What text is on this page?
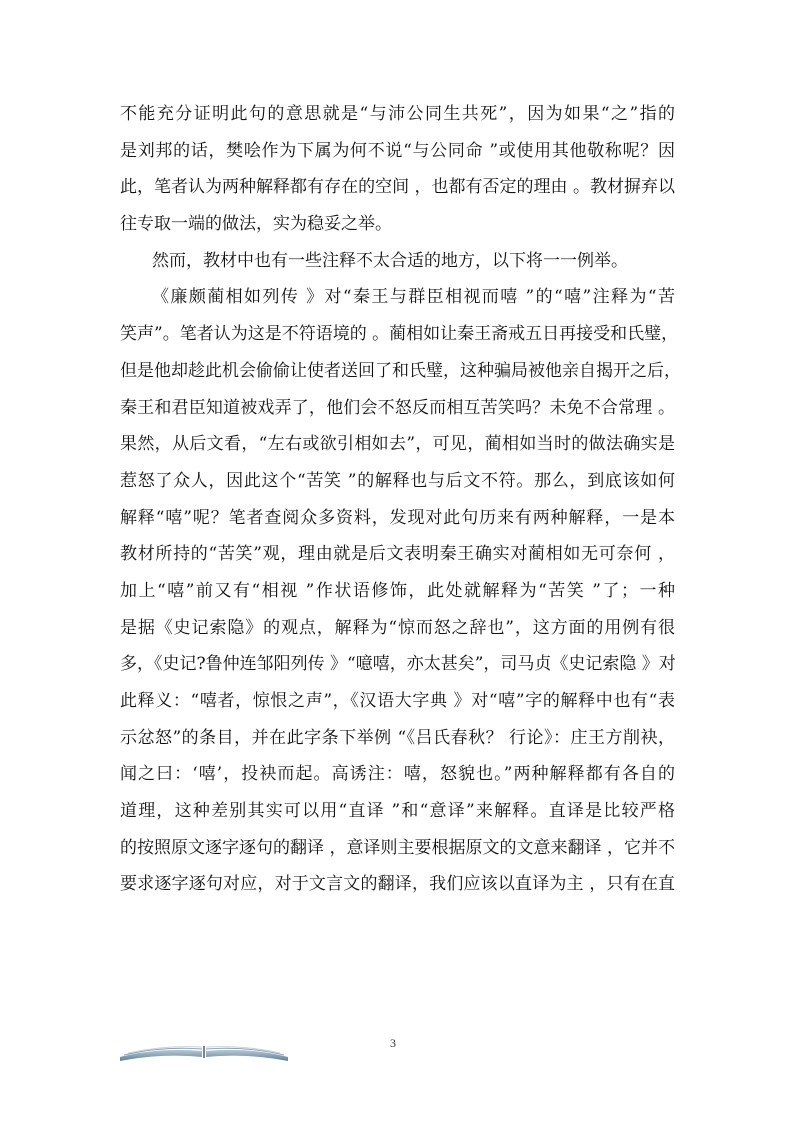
不能充分证明此句的意思就是“与沛公同生共死”，因为如果“之”指的
是刘邦的话，樊哙作为下属为何不说“与公同命 ”或使用其他敬称呢？因
此，笔者认为两种解释都有存在的空间 ，也都有否定的理由 。教材摒弃以
往专取一端的做法，实为稳妥之举。
然而，教材中也有一些注释不太合适的地方，以下将一一例举。
《廉颇蔺相如列传 》对“秦王与群臣相视而嘻 ”的“嘻”注释为“苦
笑声”。笔者认为这是不符语境的 。蔺相如让秦王斋戒五日再接受和氏璧，
但是他却趁此机会偷偷让使者送回了和氏璧，这种骗局被他亲自揭开之后，
秦王和君臣知道被戏弄了，他们会不怒反而相互苦笑吗？未免不合常理 。
果然，从后文看，“左右或欲引相如去”，可见，蔺相如当时的做法确实是
惹怒了众人，因此这个“苦笑 ”的解释也与后文不符。那么，到底该如何
解释“嘻”呢？笔者查阅众多资料，发现对此句历来有两种解释，一是本
教材所持的“苦笑”观，理由就是后文表明秦王确实对蔺相如无可奈何 ，
加上“嘻”前又有“相视 ”作状语修饰，此处就解释为“苦笑 ”了；一种
是据《史记索隐》的观点，解释为“惊而怒之辞也”，这方面的用例有很
多，《史记?鲁仲连邹阳列传 》“噫嘻，亦太甚矣”，司马贞《史记索隐 》对
此释义：“嘻者，惊恨之声”，《汉语大字典 》对“嘻”字的解释中也有“表
示忿怒”的条目，并在此字条下举例 “《吕氏春秋？ 行论》：庄王方削袂，
闻之曰：‘嘻’，投袂而起。高诱注：嘻，怒貌也。”两种解释都有各自的
道理，这种差别其实可以用“直译 ”和“意译”来解释。直译是比较严格
的按照原文逐字逐句的翻译 ，意译则主要根据原文的文意来翻译 ，它并不
要求逐字逐句对应，对于文言文的翻译，我们应该以直译为主 ，只有在直
3
